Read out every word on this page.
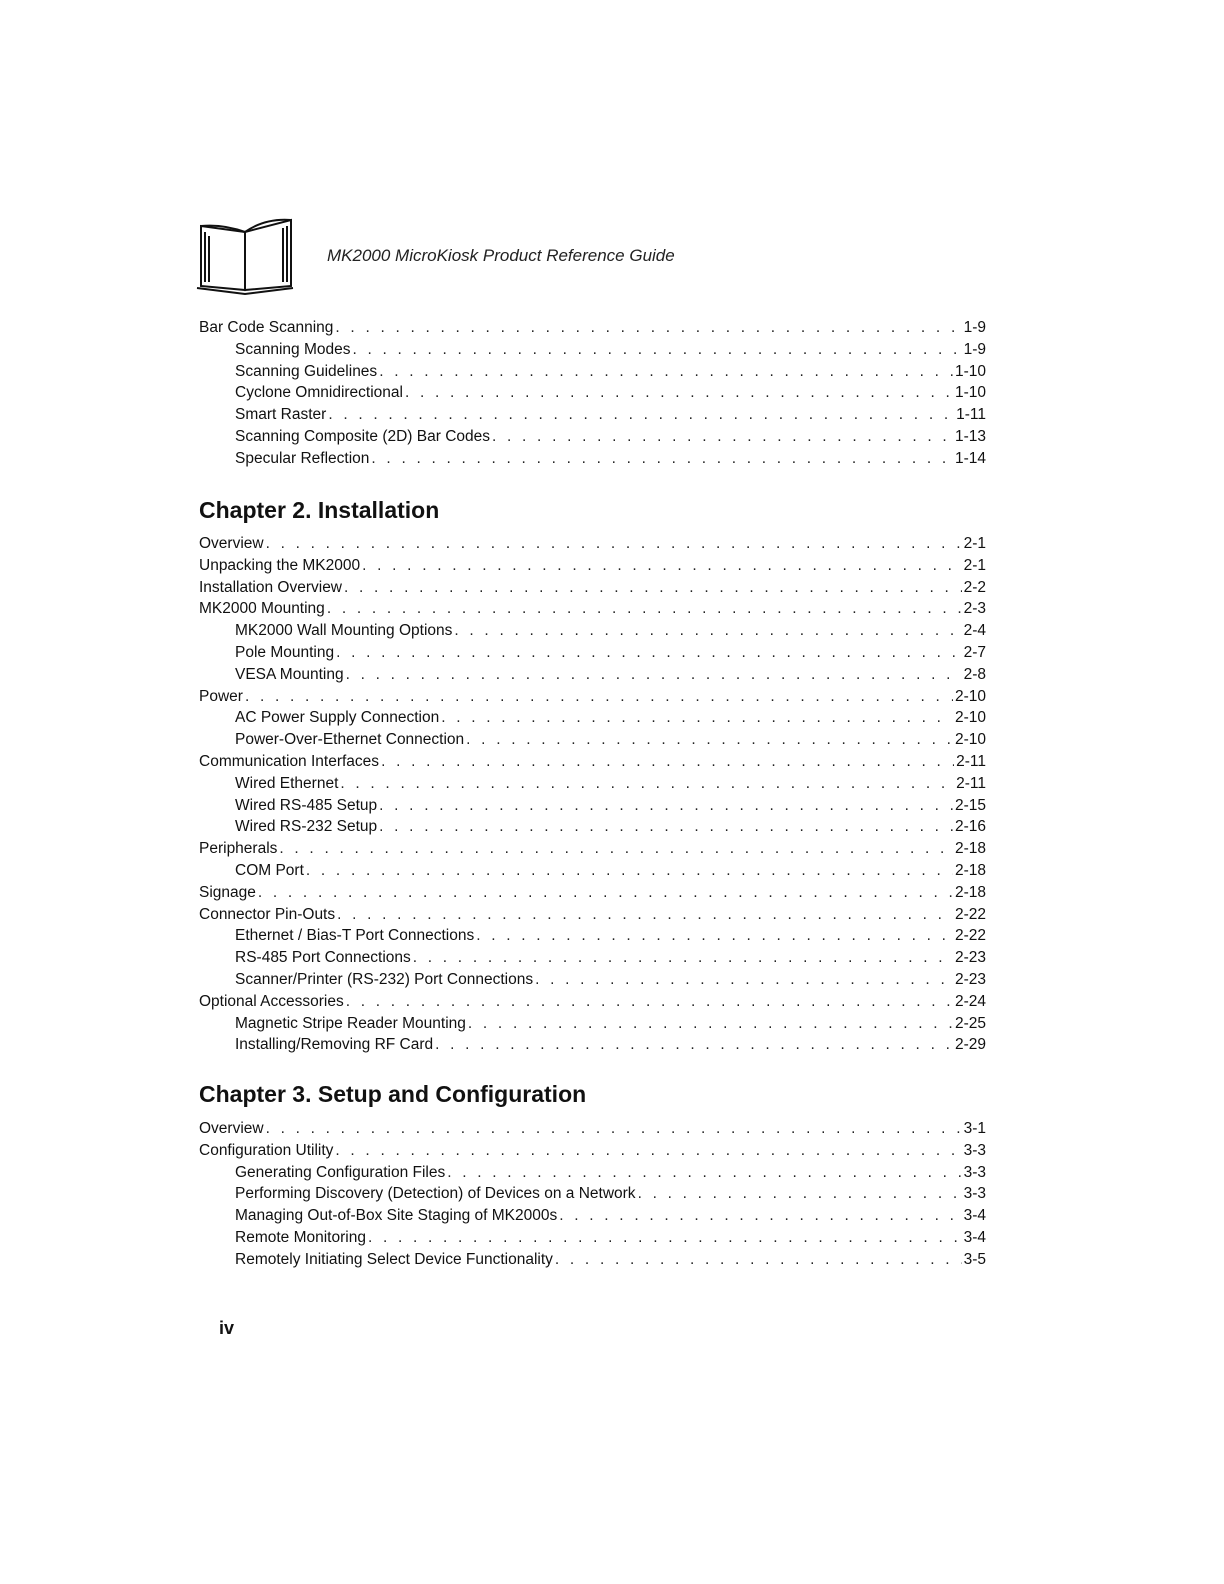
MK2000 MicroKiosk Product Reference Guide
Bar Code Scanning . . .	1-9
Scanning Modes . . .	1-9
Scanning Guidelines . . .	1-10
Cyclone Omnidirectional . . .	1-10
Smart Raster . . .	1-11
Scanning Composite (2D) Bar Codes . . .	1-13
Specular Reflection . . .	1-14
Chapter 2. Installation
Overview . . .	2-1
Unpacking the MK2000 . . .	2-1
Installation Overview . . .	2-2
MK2000 Mounting . . .	2-3
MK2000 Wall Mounting Options . . .	2-4
Pole Mounting . . .	2-7
VESA Mounting . . .	2-8
Power . . .	2-10
AC Power Supply Connection . . .	2-10
Power-Over-Ethernet Connection . . .	2-10
Communication Interfaces . . .	2-11
Wired Ethernet . . .	2-11
Wired RS-485 Setup . . .	2-15
Wired RS-232 Setup . . .	2-16
Peripherals . . .	2-18
COM Port . . .	2-18
Signage . . .	2-18
Connector Pin-Outs . . .	2-22
Ethernet / Bias-T Port Connections . . .	2-22
RS-485 Port Connections . . .	2-23
Scanner/Printer (RS-232) Port Connections . . .	2-23
Optional Accessories . . .	2-24
Magnetic Stripe Reader Mounting . . .	2-25
Installing/Removing RF Card . . .	2-29
Chapter 3. Setup and Configuration
Overview . . .	3-1
Configuration Utility . . .	3-3
Generating Configuration Files . . .	3-3
Performing Discovery (Detection) of Devices on a Network . . .	3-3
Managing Out-of-Box Site Staging of MK2000s . . .	3-4
Remote Monitoring . . .	3-4
Remotely Initiating Select Device Functionality . . .	3-5
iv
